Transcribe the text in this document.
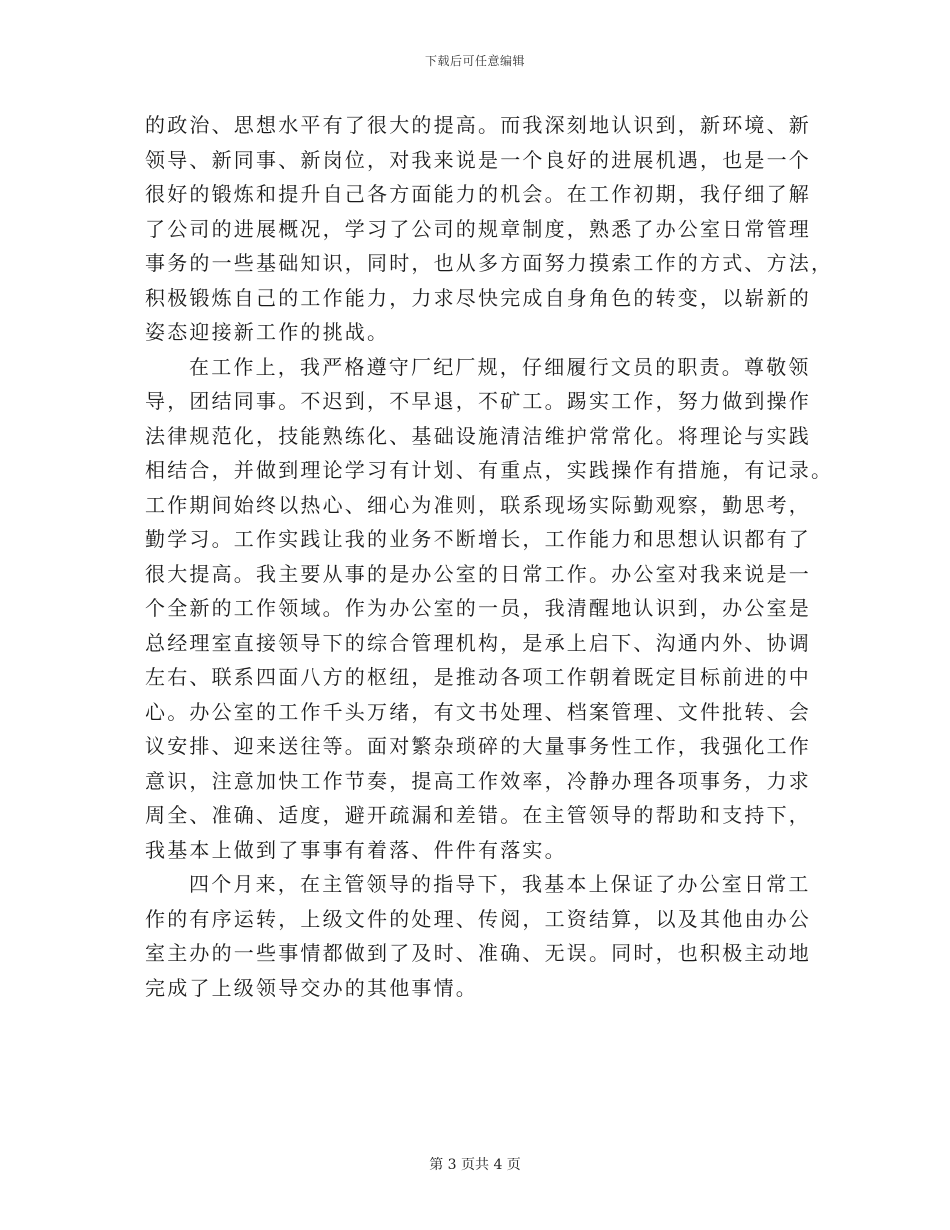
下载后可任意编辑
的政治、思想水平有了很大的提高。而我深刻地认识到，新环境、新
领导、新同事、新岗位，对我来说是一个良好的进展机遇，也是一个
很好的锻炼和提升自己各方面能力的机会。在工作初期，我仔细了解
了公司的进展概况，学习了公司的规章制度，熟悉了办公室日常管理
事务的一些基础知识，同时，也从多方面努力摸索工作的方式、方法，
积极锻炼自己的工作能力，力求尽快完成自身角色的转变，以崭新的
姿态迎接新工作的挑战。
在工作上，我严格遵守厂纪厂规，仔细履行文员的职责。尊敬领
导，团结同事。不迟到，不早退，不矿工。踢实工作，努力做到操作
法律规范化，技能熟练化、基础设施清洁维护常常化。将理论与实践
相结合，并做到理论学习有计划、有重点，实践操作有措施，有记录。
工作期间始终以热心、细心为准则，联系现场实际勤观察，勤思考，
勤学习。工作实践让我的业务不断增长，工作能力和思想认识都有了
很大提高。我主要从事的是办公室的日常工作。办公室对我来说是一
个全新的工作领域。作为办公室的一员，我清醒地认识到，办公室是
总经理室直接领导下的综合管理机构，是承上启下、沟通内外、协调
左右、联系四面八方的枢纽，是推动各项工作朝着既定目标前进的中
心。办公室的工作千头万绪，有文书处理、档案管理、文件批转、会
议安排、迎来送往等。面对繁杂琐碎的大量事务性工作，我强化工作
意识，注意加快工作节奏，提高工作效率，冷静办理各项事务，力求
周全、准确、适度，避开疏漏和差错。在主管领导的帮助和支持下，
我基本上做到了事事有着落、件件有落实。
四个月来，在主管领导的指导下，我基本上保证了办公室日常工
作的有序运转，上级文件的处理、传阅，工资结算，以及其他由办公
室主办的一些事情都做到了及时、准确、无误。同时，也积极主动地
完成了上级领导交办的其他事情。
第 3 页共 4 页
